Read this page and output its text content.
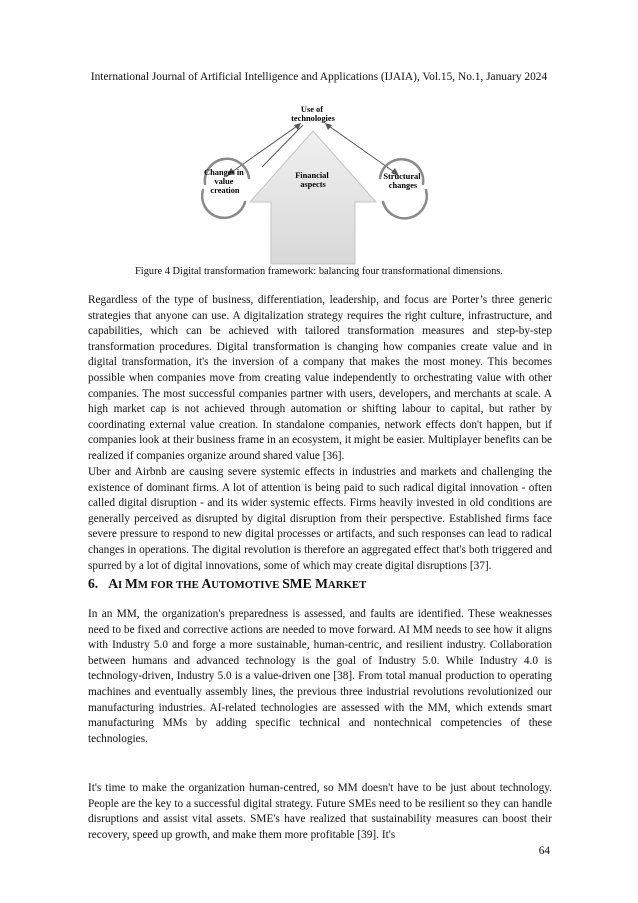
International Journal of Artificial Intelligence and Applications (IJAIA), Vol.15, No.1, January 2024
Use of technologies
Changes in value creation
Financial aspects
Structural changes
Figure 4 Digital transformation framework: balancing four transformational dimensions.

Regardless of the type of business, differentiation, leadership, and focus are Porter’s three generic strategies that anyone can use. A digitalization strategy requires the right culture, infrastructure, and capabilities, which can be achieved with tailored transformation measures and step-by-step transformation procedures. Digital transformation is changing how companies create value and in digital transformation, it's the inversion of a company that makes the most money. This becomes possible when companies move from creating value independently to orchestrating value with other companies. The most successful companies partner with users, developers, and merchants at scale. A high market cap is not achieved through automation or shifting labour to capital, but rather by coordinating external value creation. In standalone companies, network effects don't happen, but if companies look at their business frame in an ecosystem, it might be easier. Multiplayer benefits can be realized if companies organize around shared value [36].

Uber and Airbnb are causing severe systemic effects in industries and markets and challenging the existence of dominant firms. A lot of attention is being paid to such radical digital innovation - often called digital disruption - and its wider systemic effects. Firms heavily invested in old conditions are generally perceived as disrupted by digital disruption from their perspective. Established firms face severe pressure to respond to new digital processes or artifacts, and such responses can lead to radical changes in operations. The digital revolution is therefore an aggregated effect that's both triggered and spurred by a lot of digital innovations, some of which may create digital disruptions [37].

6. AI MM FOR THE AUTOMOTIVE SME MARKET

In an MM, the organization's preparedness is assessed, and faults are identified. These weaknesses need to be fixed and corrective actions are needed to move forward. AI MM needs to see how it aligns with Industry 5.0 and forge a more sustainable, human-centric, and resilient industry. Collaboration between humans and advanced technology is the goal of Industry 5.0. While Industry 4.0 is technology-driven, Industry 5.0 is a value-driven one [38]. From total manual production to operating machines and eventually assembly lines, the previous three industrial revolutions revolutionized our manufacturing industries. AI-related technologies are assessed with the MM, which extends smart manufacturing MMs by adding specific technical and nontechnical competencies of these technologies.

It's time to make the organization human-centred, so MM doesn't have to be just about technology. People are the key to a successful digital strategy. Future SMEs need to be resilient so they can handle disruptions and assist vital assets. SME's have realized that sustainability measures can boost their recovery, speed up growth, and make them more profitable [39]. It's

64
